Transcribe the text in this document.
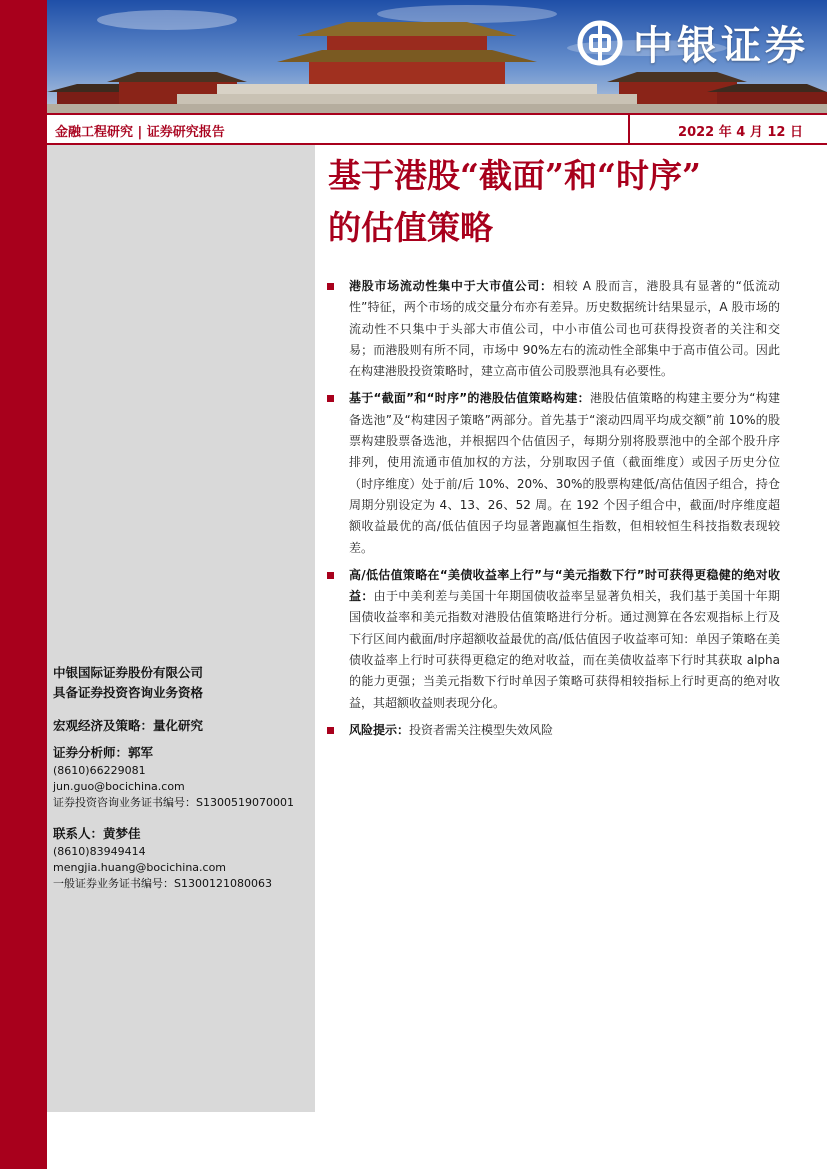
中银证券
金融工程研究 | 证券研究报告	2022 年 4 月 12 日
中银国际证券股份有限公司
具备证券投资咨询业务资格
宏观经济及策略：量化研究
证券分析师：郭军
(8610)66229081
jun.guo@bocichina.com
证券投资咨询业务证书编号：S1300519070001
联系人：黄梦佳
(8610)83949414
mengjia.huang@bocichina.com
一般证券业务证书编号：S1300121080063
基于港股“截面”和“时序”
的估值策略
港股市场流动性集中于大市值公司：相较 A 股而言，港股具有显著的“低流动性”特征，两个市场的成交量分布亦有差异。历史数据统计结果显示，A 股市场的流动性不只集中于头部大市值公司，中小市值公司也可获得投资者的关注和交易；而港股则有所不同，市场中 90%左右的流动性全部集中于高市值公司。因此在构建港股投资策略时，建立高市值公司股票池具有必要性。
基于“截面”和“时序”的港股估值策略构建：港股估值策略的构建主要分为“构建备选池”及“构建因子策略”两部分。首先基于“滚动四周平均成交额”前 10%的股票构建股票备选池，并根据四个估值因子，每期分别将股票池中的全部个股升序排列，使用流通市值加权的方法，分别取因子值（截面维度）或因子历史分位（时序维度）处于前/后 10%、20%、30%的股票构建低/高估值因子组合，持仓周期分别设定为 4、13、26、52 周。在 192 个因子组合中，截面/时序维度超额收益最优的高/低估值因子均显著跑赢恒生指数，但相较恒生科技指数表现较差。
高/低估值策略在“美债收益率上行”与“美元指数下行”时可获得更稳健的绝对收益：由于中美利差与美国十年期国债收益率呈显著负相关，我们基于美国十年期国债收益率和美元指数对港股估值策略进行分析。通过测算在各宏观指标上行及下行区间内截面/时序超额收益最优的高/低估值因子收益率可知：单因子策略在美债收益率上行时可获得更稳定的绝对收益，而在美债收益率下行时其获取 alpha 的能力更强；当美元指数下行时单因子策略可获得相较指标上行时更高的绝对收益，其超额收益则表现分化。
风险提示：投资者需关注模型失效风险
